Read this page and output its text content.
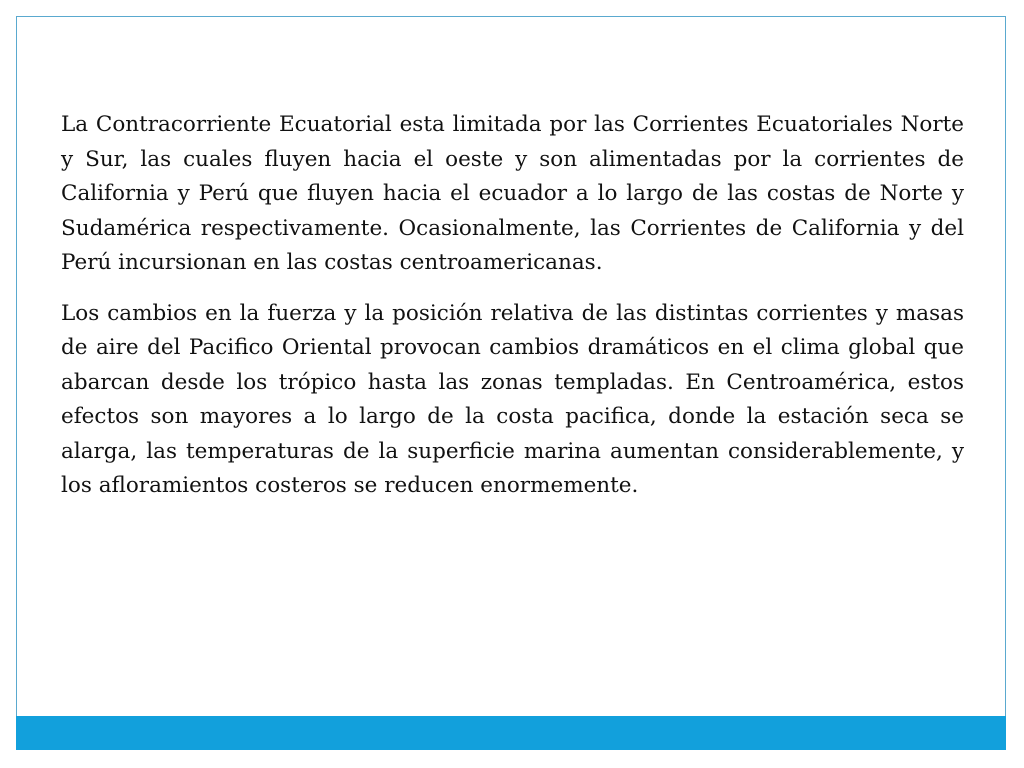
La Contracorriente Ecuatorial esta limitada por las Corrientes Ecuatoriales Norte y Sur, las cuales fluyen hacia el oeste y son alimentadas por la corrientes de California y Perú que fluyen hacia el ecuador a lo largo de las costas de Norte y Sudamérica respectivamente. Ocasionalmente, las Corrientes de California y del Perú incursionan en las costas centroamericanas.

Los cambios en la fuerza y la posición relativa de las distintas corrientes y masas de aire del Pacifico Oriental provocan cambios dramáticos en el clima global que abarcan desde los trópico hasta las zonas templadas. En Centroamérica, estos efectos son mayores a lo largo de la costa pacifica, donde la estación seca se alarga, las temperaturas de la superficie marina aumentan considerablemente, y los afloramientos costeros se reducen enormemente.
